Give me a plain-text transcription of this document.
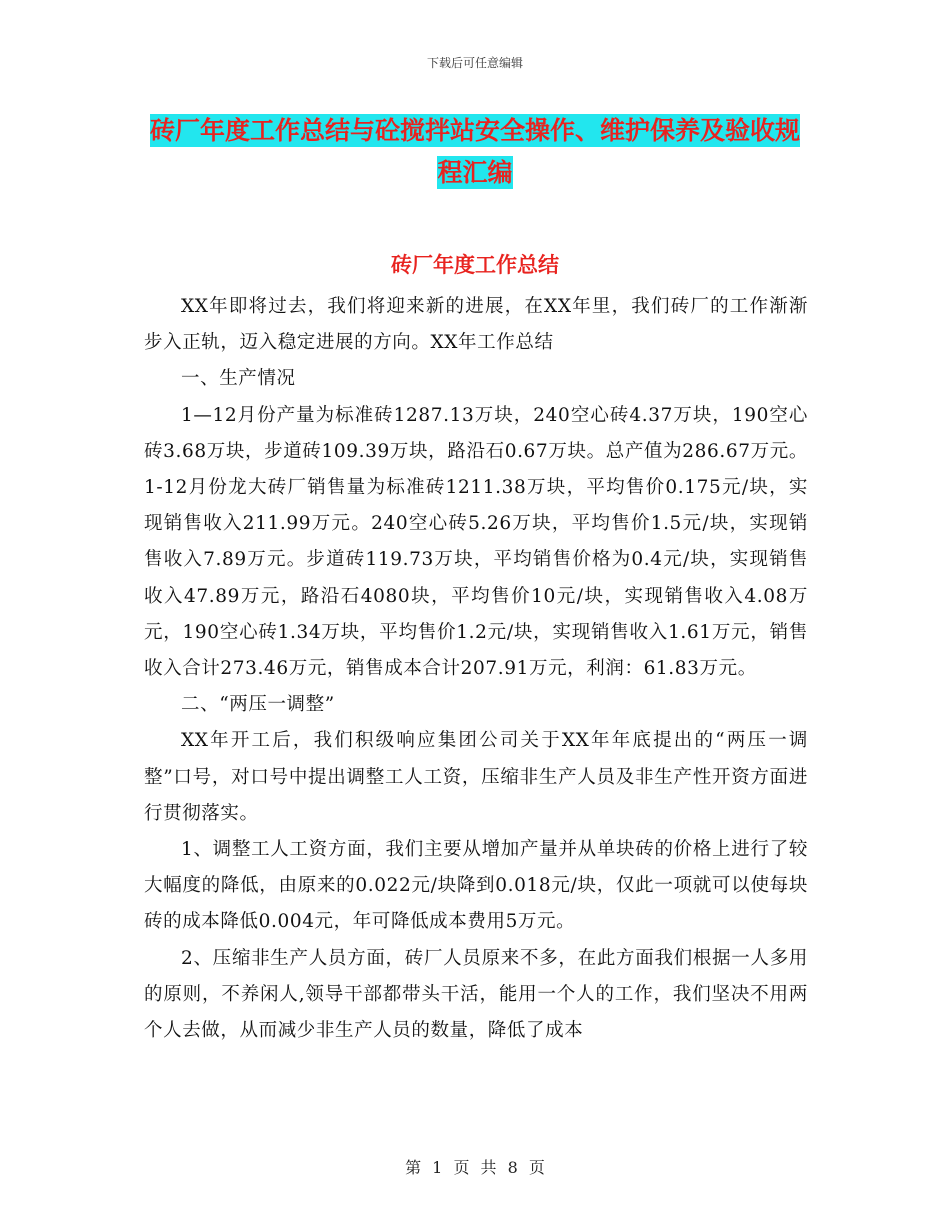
下载后可任意编辑
砖厂年度工作总结与砼搅拌站安全操作、维护保养及验收规程汇编
砖厂年度工作总结

XX年即将过去，我们将迎来新的进展，在XX年里，我们砖厂的工作渐渐步入正轨，迈入稳定进展的方向。XX年工作总结

一、生产情况

1—12月份产量为标准砖1287.13万块，240空心砖4.37万块，190空心砖3.68万块，步道砖109.39万块，路沿石0.67万块。总产值为286.67万元。1-12月份龙大砖厂销售量为标准砖1211.38万块，平均售价0.175元/块，实现销售收入211.99万元。240空心砖5.26万块，平均售价1.5元/块，实现销售收入7.89万元。步道砖119.73万块，平均销售价格为0.4元/块，实现销售收入47.89万元，路沿石4080块，平均售价10元/块，实现销售收入4.08万元，190空心砖1.34万块，平均售价1.2元/块，实现销售收入1.61万元，销售收入合计273.46万元，销售成本合计207.91万元，利润：61.83万元。

二、“两压一调整”

XX年开工后，我们积级响应集团公司关于XX年年底提出的“两压一调整”口号，对口号中提出调整工人工资，压缩非生产人员及非生产性开资方面进行贯彻落实。

1、调整工人工资方面，我们主要从增加产量并从单块砖的价格上进行了较大幅度的降低，由原来的0.022元/块降到0.018元/块，仅此一项就可以使每块砖的成本降低0.004元，年可降低成本费用5万元。

2、压缩非生产人员方面，砖厂人员原来不多，在此方面我们根据一人多用的原则，不养闲人,领导干部都带头干活，能用一个人的工作，我们坚决不用两个人去做，从而减少非生产人员的数量，降低了成本

第 1 页 共 8 页
